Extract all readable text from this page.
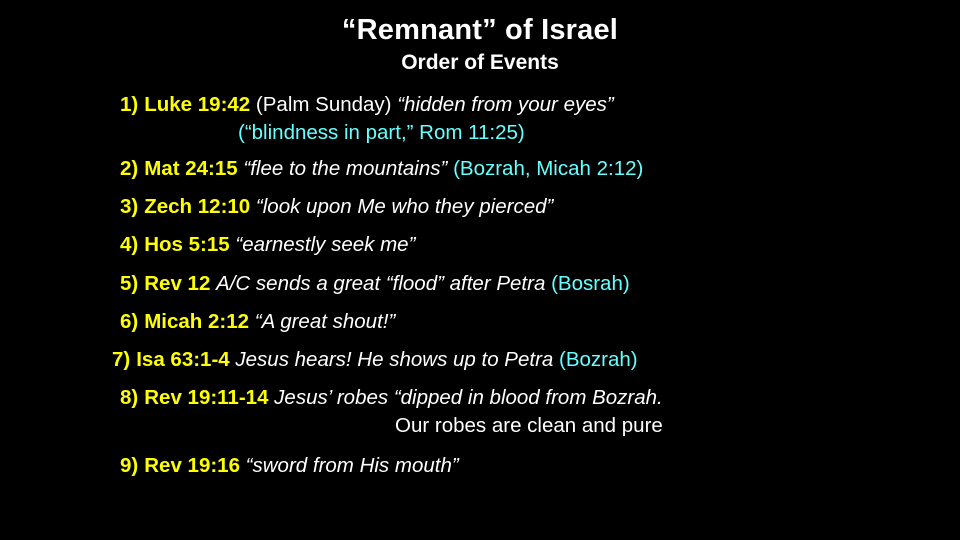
“Remnant” of Israel
Order of Events
1) Luke 19:42 (Palm Sunday) “hidden from your eyes”
(“blindness in part,” Rom 11:25)
2) Mat 24:15 “flee to the mountains” (Bozrah, Micah 2:12)
3) Zech 12:10 “look upon Me who they pierced”
4) Hos 5:15 “earnestly seek me”
5) Rev 12 A/C sends a great “flood” after Petra (Bosrah)
6) Micah 2:12 “A great shout!”
7) Isa 63:1-4 Jesus hears! He shows up to Petra (Bozrah)
8) Rev 19:11-14 Jesus’ robes “dipped in blood from Bozrah.
Our robes are clean and pure
9) Rev 19:16 “sword from His mouth”
